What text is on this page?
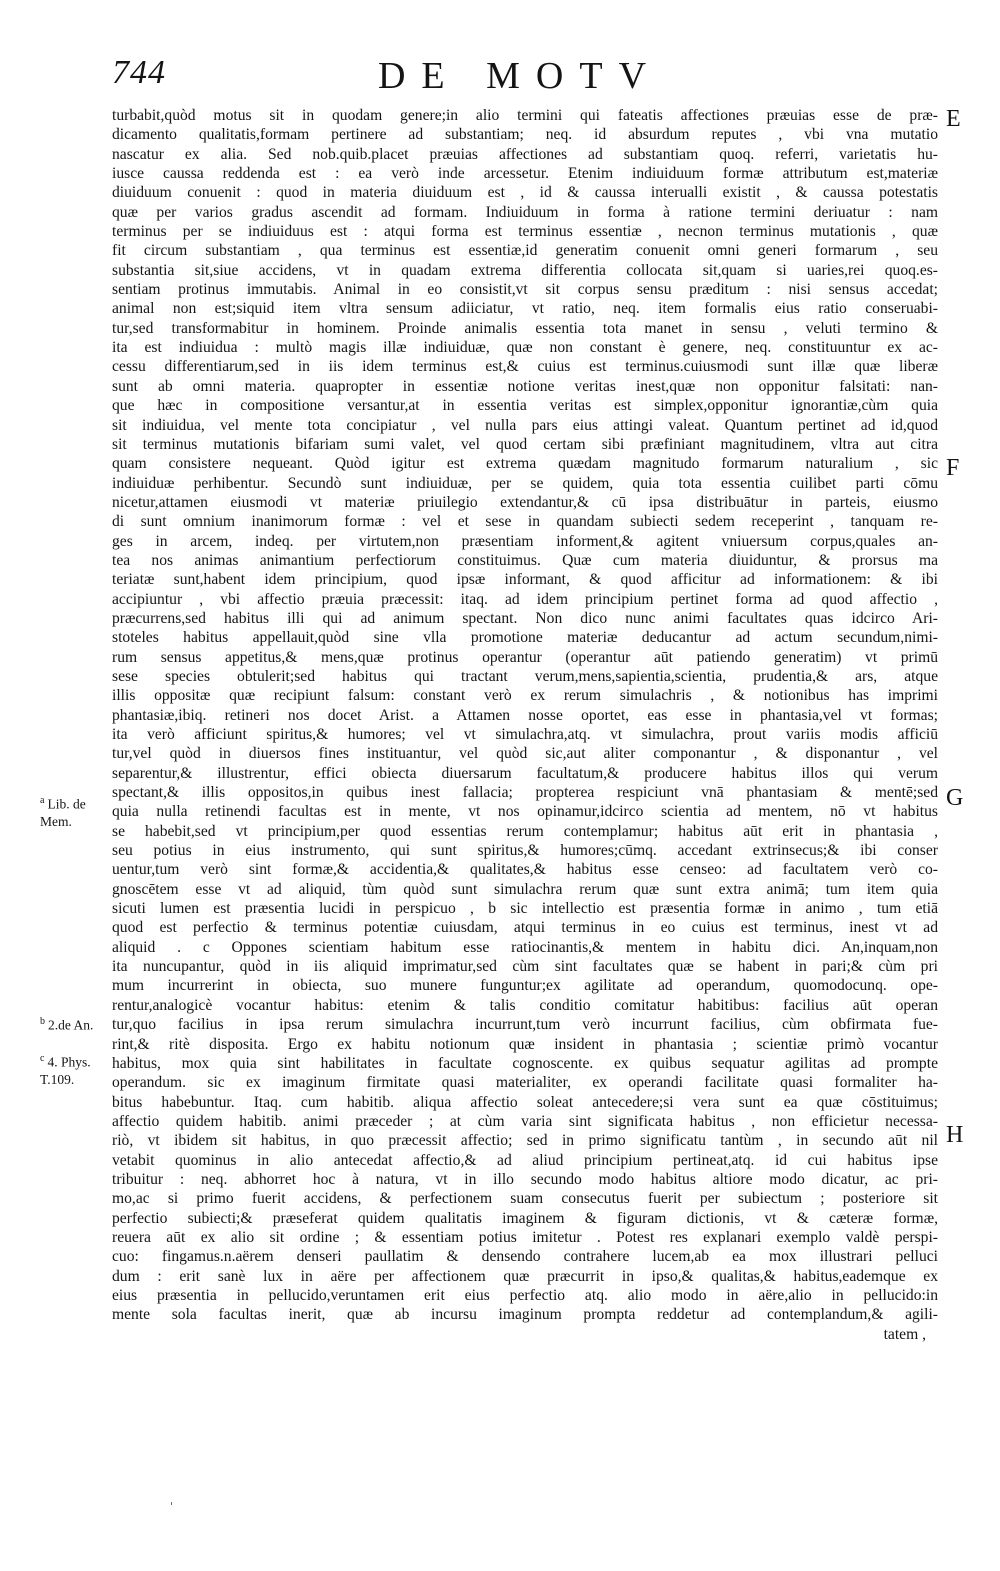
744	DE MOTV
E
F
G
H
$^a$ Lib. de Mem.
$^b$ 2.de An.
$^c$ 4. Phys. T.109.
turbabit,quòd motus sit in quodam genere;in alio termini qui fateatis affectiones præuias esse de præ-
dicamento qualitatis,formam pertinere ad substantiam; neq. id absurdum reputes , vbi vna mutatio
nascatur ex alia. Sed nob.quib.placet præuias affectiones ad substantiam quoq. referri, varietatis hu-
iusce caussa reddenda est : ea verò inde arcessetur. Etenim indiuiduum formæ attributum est,materiæ
diuiduum conuenit : quod in materia diuiduum est , id & caussa interualli existit , & caussa potestatis
quæ per varios gradus ascendit ad formam. Indiuiduum in forma à ratione termini deriuatur : nam
terminus per se indiuiduus est : atqui forma est terminus essentiæ , necnon terminus mutationis , quæ
fit circum substantiam , qua terminus est essentiæ,id generatim conuenit omni generi formarum , seu
substantia sit,siue accidens, vt in quadam extrema differentia collocata sit,quam si uaries,rei quoq.es-
sentiam protinus immutabis. Animal in eo consistit,vt sit corpus sensu præditum : nisi sensus accedat;
animal non est;siquid item vltra sensum adiiciatur, vt ratio, neq. item formalis eius ratio conseruabi-
tur,sed transformabitur in hominem. Proinde animalis essentia tota manet in sensu , veluti termino &
ita est indiuidua : multò magis illæ indiuiduæ, quæ non constant è genere, neq. constituuntur ex ac-
cessu differentiarum,sed in iis idem terminus est,& cuius est terminus.cuiusmodi sunt illæ quæ liberæ
sunt ab omni materia. quapropter in essentiæ notione veritas inest,quæ non opponitur falsitati: nan-
que hæc in compositione versantur,at in essentia veritas est simplex,opponitur ignorantiæ,cùm quia
sit indiuidua, vel mente tota concipiatur , vel nulla pars eius attingi valeat. Quantum pertinet ad id,quod
sit terminus mutationis bifariam sumi valet, vel quod certam sibi præfiniant magnitudinem, vltra aut citra
quam consistere nequeant. Quòd igitur est extrema quædam magnitudo formarum naturalium , sic
indiuiduæ perhibentur. Secundò sunt indiuiduæ, per se quidem, quia tota essentia cuilibet parti cōmu
nicetur,attamen eiusmodi vt materiæ priuilegio extendantur,& cū ipsa distribuātur in parteis, eiusmo
di sunt omnium inanimorum formæ : vel et sese in quandam subiecti sedem receperint , tanquam re-
ges in arcem, indeq. per virtutem,non præsentiam informent,& agitent vniuersum corpus,quales an-
tea nos animas animantium perfectiorum constituimus. Quæ cum materia diuiduntur, & prorsus ma
teriatæ sunt,habent idem principium, quod ipsæ informant, & quod afficitur ad informationem: & ibi
accipiuntur , vbi affectio præuia præcessit: itaq. ad idem principium pertinet forma ad quod affectio ,
præcurrens,sed habitus illi qui ad animum spectant. Non dico nunc animi facultates quas idcirco Ari-
stoteles habitus appellauit,quòd sine vlla promotione materiæ deducantur ad actum secundum,nimi-
rum sensus appetitus,& mens,quæ protinus operantur (operantur aūt patiendo generatim) vt primū
sese species obtulerit;sed habitus qui tractant verum,mens,sapientia,scientia, prudentia,& ars, atque
illis oppositæ quæ recipiunt falsum: constant verò ex rerum simulachris , & notionibus has imprimi
phantasiæ,ibiq. retineri nos docet Arist. a Attamen nosse oportet, eas esse in phantasia,vel vt formas;
ita verò afficiunt spiritus,& humores; vel vt simulachra,atq. vt simulachra, prout variis modis afficiū
tur,vel quòd in diuersos fines instituantur, vel quòd sic,aut aliter componantur , & disponantur , vel
separentur,& illustrentur, effici obiecta diuersarum facultatum,& producere habitus illos qui verum
spectant,& illis oppositos,in quibus inest fallacia; propterea respiciunt vnā phantasiam & mentē;sed
quia nulla retinendi facultas est in mente, vt nos opinamur,idcirco scientia ad mentem, nō vt habitus
se habebit,sed vt principium,per quod essentias rerum contemplamur; habitus aūt erit in phantasia ,
seu potius in eius instrumento, qui sunt spiritus,& humores;cūmq. accedant extrinsecus;& ibi conser
uentur,tum verò sint formæ,& accidentia,& qualitates,& habitus esse censeo: ad facultatem verò co-
gnoscētem esse vt ad aliquid, tùm quòd sunt simulachra rerum quæ sunt extra animā; tum item quia
sicuti lumen est præsentia lucidi in perspicuo , b sic intellectio est præsentia formæ in animo , tum etiā
quod est perfectio & terminus potentiæ cuiusdam, atqui terminus in eo cuius est terminus, inest vt ad
aliquid . c Oppones scientiam habitum esse ratiocinantis,& mentem in habitu dici. An,inquam,non
ita nuncupantur, quòd in iis aliquid imprimatur,sed cùm sint facultates quæ se habent in pari;& cùm pri
mum incurrerint in obiecta, suo munere funguntur;ex agilitate ad operandum, quomodocunq. ope-
rentur,analogicè vocantur habitus: etenim & talis conditio comitatur habitibus: facilius aūt operan
tur,quo facilius in ipsa rerum simulachra incurrunt,tum verò incurrunt facilius, cùm obfirmata fue-
rint,& ritè disposita. Ergo ex habitu notionum quæ insident in phantasia ; scientiæ primò vocantur
habitus, mox quia sint habilitates in facultate cognoscente. ex quibus sequatur agilitas ad prompte
operandum. sic ex imaginum firmitate quasi materialiter, ex operandi facilitate quasi formaliter ha-
bitus habebuntur. Itaq. cum habitib. aliqua affectio soleat antecedere;si vera sunt ea quæ cōstituimus;
affectio quidem habitib. animi præceder ; at cùm varia sint significata habitus , non efficietur necessa-
riò, vt ibidem sit habitus, in quo præcessit affectio; sed in primo significatu tantùm , in secundo aūt nil
vetabit quominus in alio antecedat affectio,& ad aliud principium pertineat,atq. id cui habitus ipse
tribuitur : neq. abhorret hoc à natura, vt in illo secundo modo habitus altiore modo dicatur, ac pri-
mo,ac si primo fuerit accidens, & perfectionem suam consecutus fuerit per subiectum ; posteriore sit
perfectio subiecti;& præseferat quidem qualitatis imaginem & figuram dictionis, vt & cæteræ formæ,
reuera aūt ex alio sit ordine ; & essentiam potius imitetur . Potest res explanari exemplo valdè perspi-
cuo: fingamus.n.aërem denseri paullatim & densendo contrahere lucem,ab ea mox illustrari pelluci
dum : erit sanè lux in aëre per affectionem quæ præcurrit in ipso,& qualitas,& habitus,eademque ex
eius præsentia in pellucido,veruntamen erit eius perfectio atq. alio modo in aëre,alio in pellucido:in
mente sola facultas inerit, quæ ab incursu imaginum prompta reddetur ad contemplandum,& agili-
tatem ,
'
